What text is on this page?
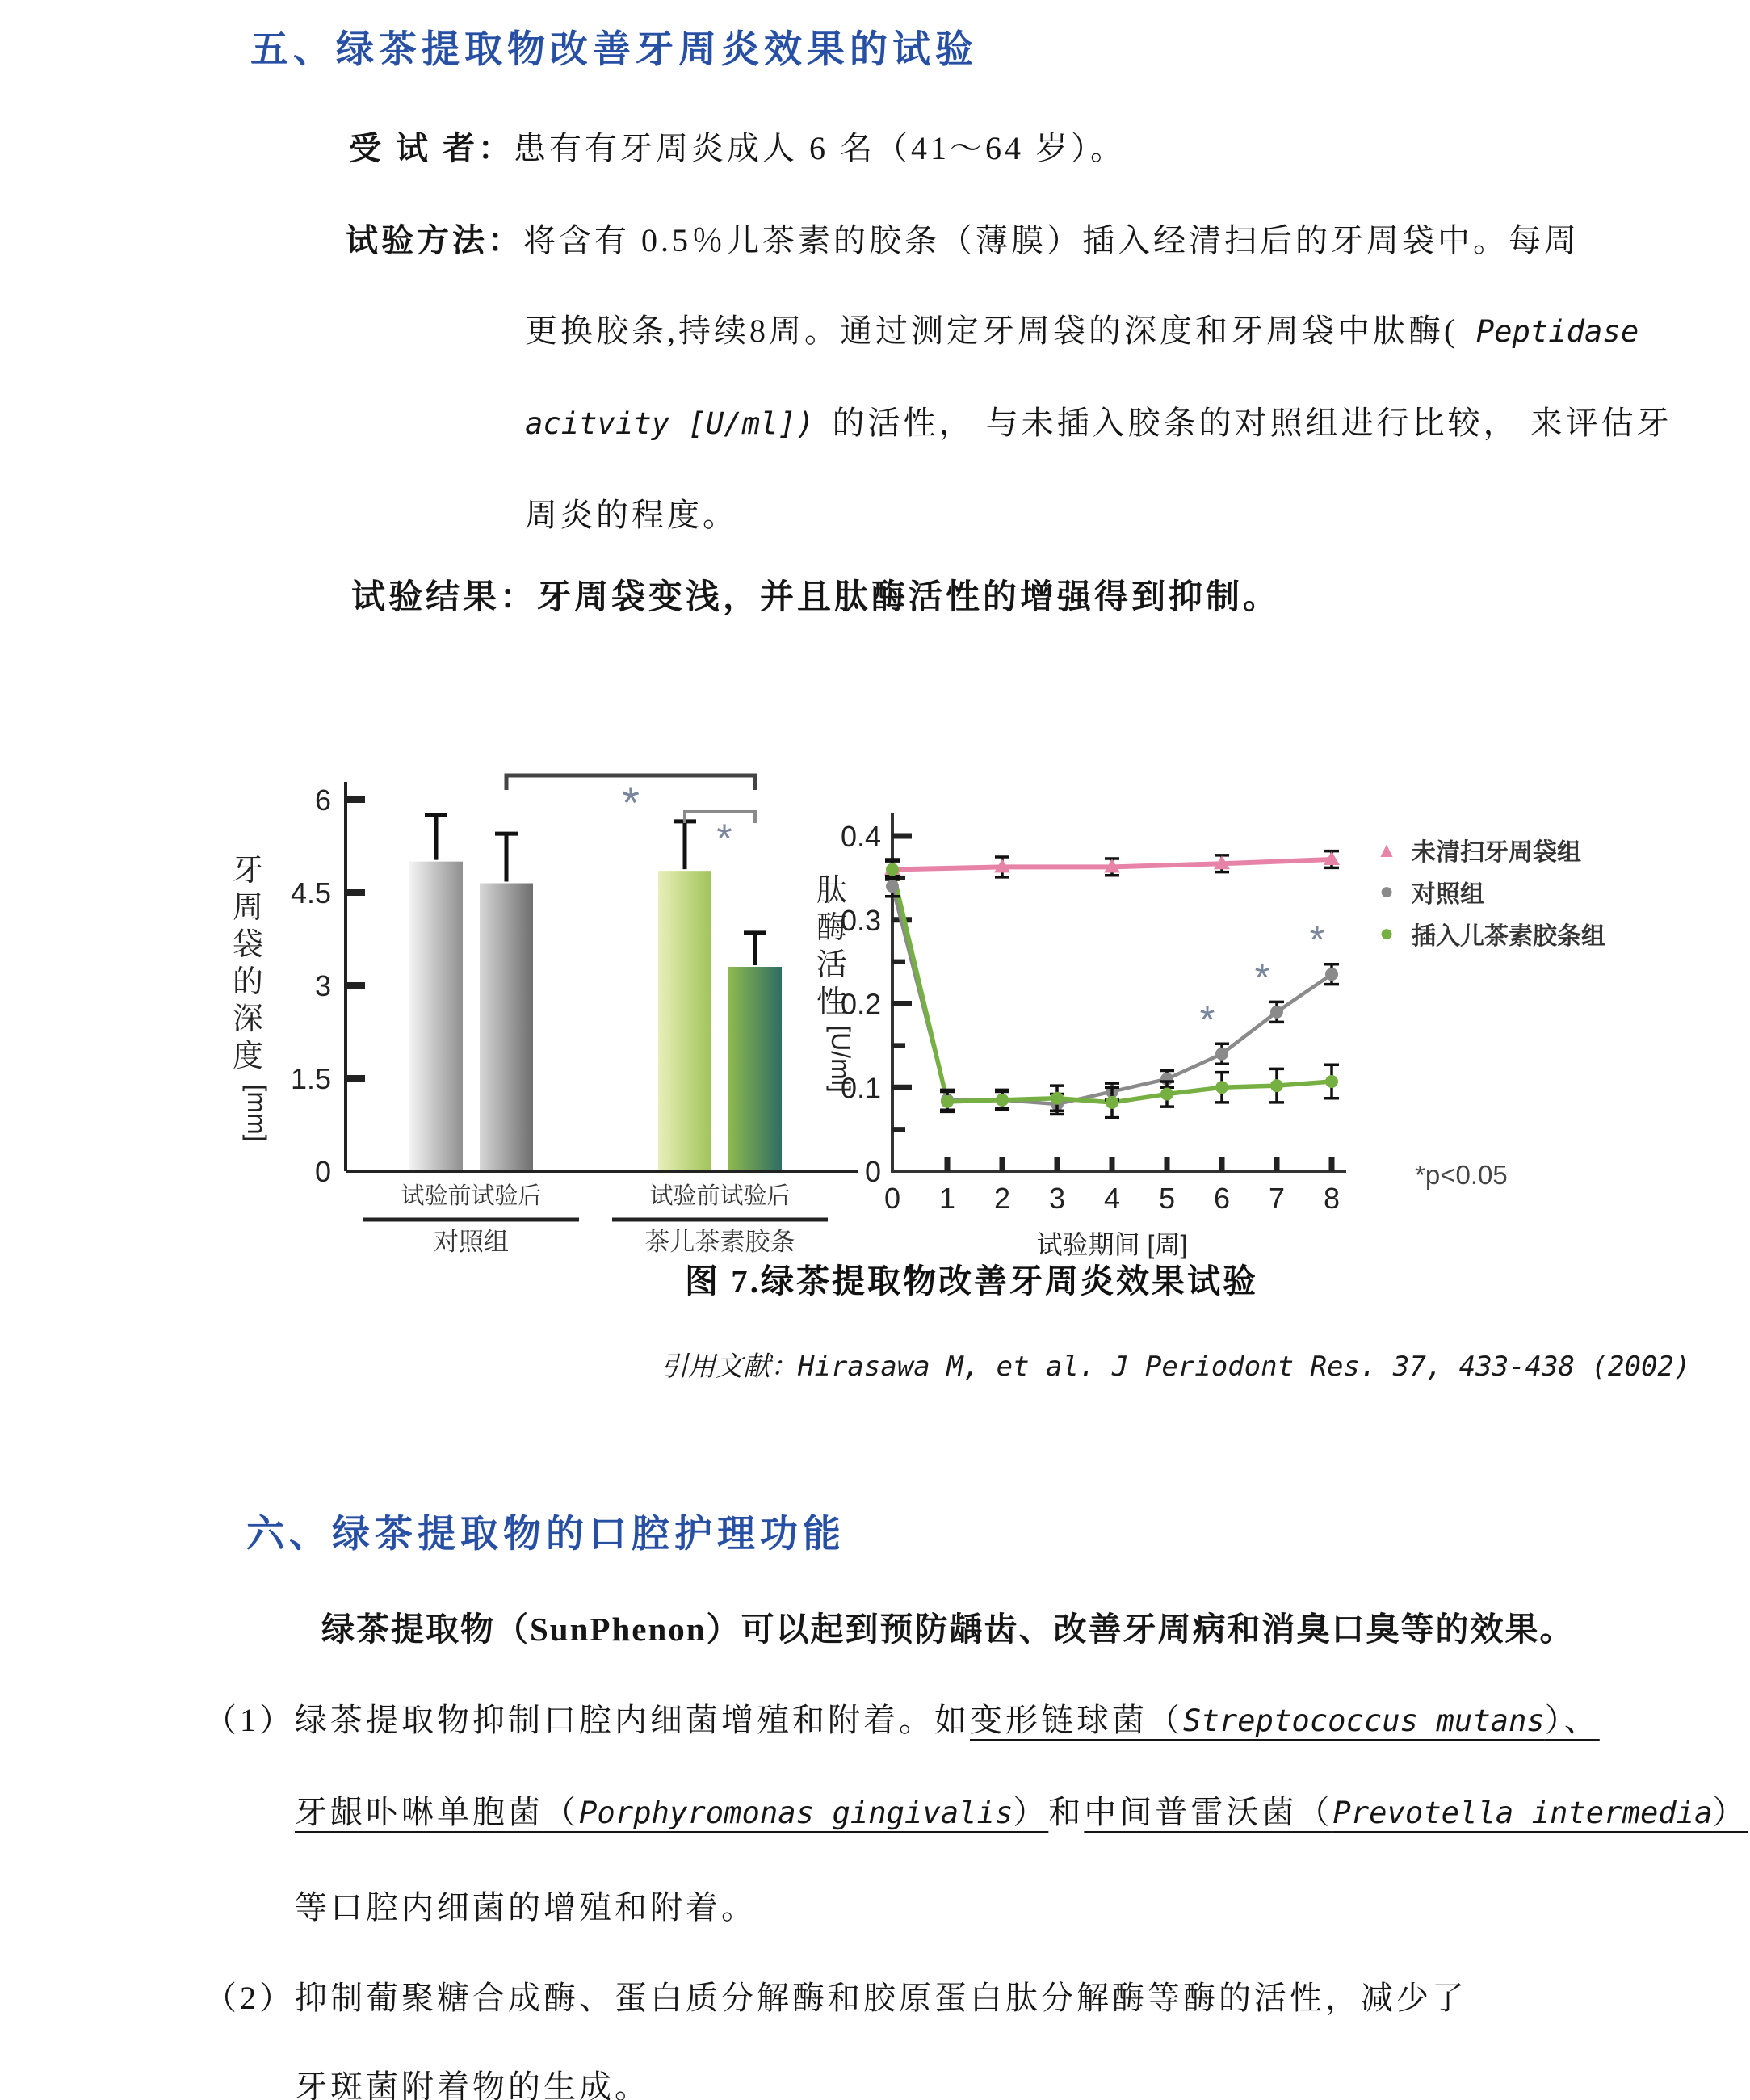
五、绿茶提取物改善牙周炎效果的试验
受 试 者：患有有牙周炎成人 6 名（41～64 岁）。
试验方法：将含有 0.5％儿茶素的胶条（薄膜）插入经清扫后的牙周袋中。每周
更换胶条,持续8周。通过测定牙周袋的深度和牙周袋中肽酶( Peptidase
acitvity [U/ml]) 的活性， 与未插入胶条的对照组进行比较， 来评估牙
周炎的程度。
试验结果：牙周袋变浅，并且肽酶活性的增强得到抑制。
0
1.5
3
4.5
6
牙周袋的深度
[mm]
试验前 试验后	试验前 试验后
对照组	茶儿茶素胶条
*
*
0
0.1
0.2
0.3
0.4
0 1 2 3 4 5 6 7 8
试验期间 [周]
肽酶活性
[U/ml]
*
*
*
▲ 未清扫牙周袋组
● 对照组
● 插入儿茶素胶条组
*p<0.05
图 7.绿茶提取物改善牙周炎效果试验
引用文献：Hirasawa M, et al. J Periodont Res. 37, 433-438 (2002)
六、绿茶提取物的口腔护理功能
绿茶提取物（SunPhenon）可以起到预防龋齿、改善牙周病和消臭口臭等的效果。
（1）绿茶提取物抑制口腔内细菌增殖和附着。如变形链球菌（Streptococcus mutans）、
牙龈卟啉单胞菌（Porphyromonas gingivalis）和中间普雷沃菌（Prevotella intermedia）
等口腔内细菌的增殖和附着。
（2）抑制葡聚糖合成酶、蛋白质分解酶和胶原蛋白肽分解酶等酶的活性，减少了
牙斑菌附着物的生成。
